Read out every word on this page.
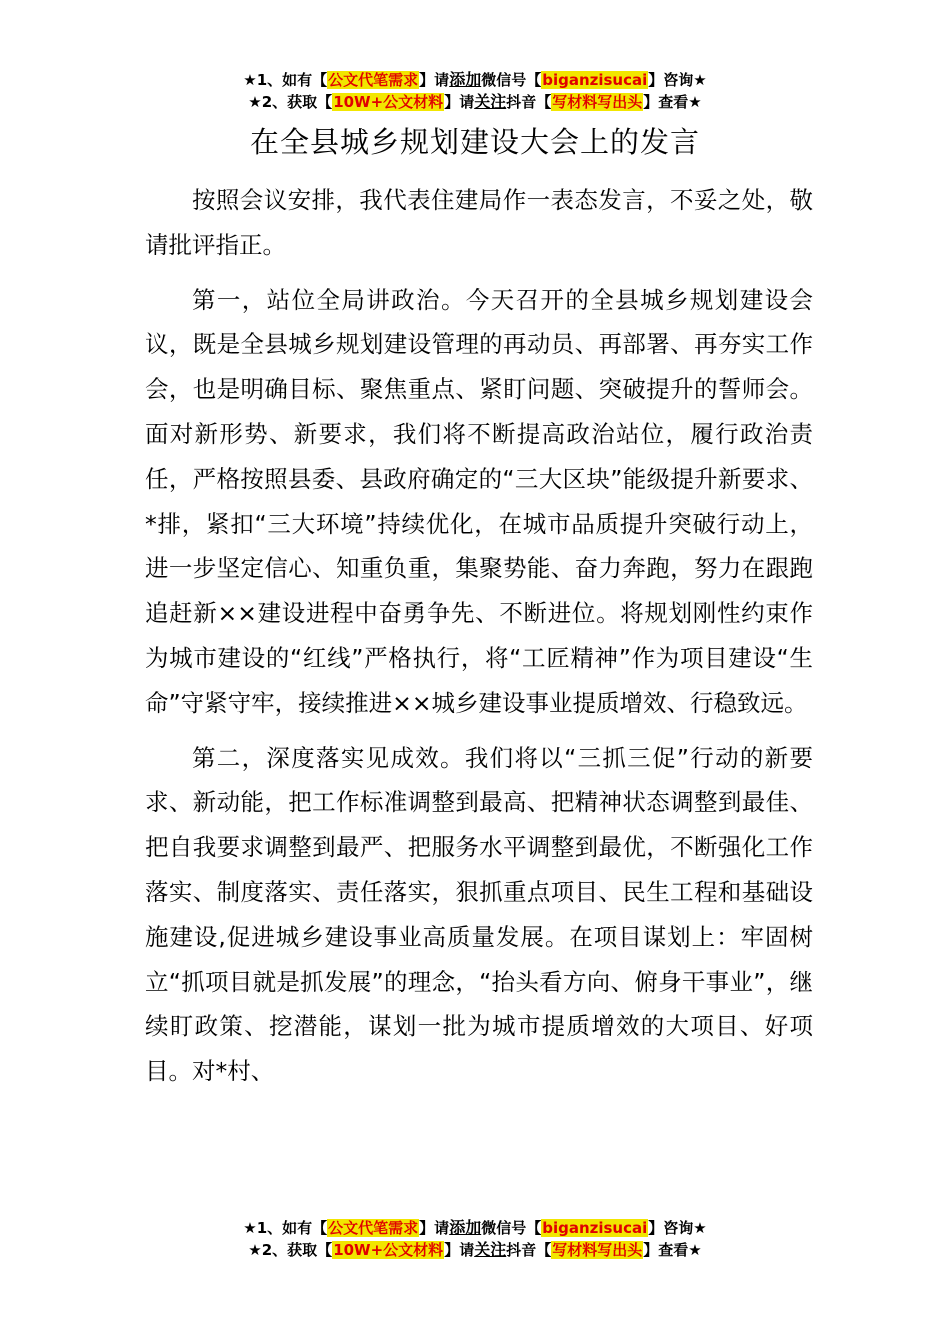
★1、如有【公文代笔需求】请添加微信号【biganzisucai】咨询★
★2、获取【10W+公文材料】请关注抖音【写材料写出头】查看★
在全县城乡规划建设大会上的发言

按照会议安排，我代表住建局作一表态发言，不妥之处，敬请批评指正。

第一，站位全局讲政治。今天召开的全县城乡规划建设会议，既是全县城乡规划建设管理的再动员、再部署、再夯实工作会，也是明确目标、聚焦重点、紧盯问题、突破提升的誓师会。面对新形势、新要求，我们将不断提高政治站位，履行政治责任，严格按照县委、县政府确定的“三大区块”能级提升新要求、*排，紧扣“三大环境”持续优化，在城市品质提升突破行动上，进一步坚定信心、知重负重，集聚势能、奋力奔跑，努力在跟跑追赶新××建设进程中奋勇争先、不断进位。将规划刚性约束作为城市建设的“红线”严格执行，将“工匠精神”作为项目建设“生命”守紧守牢，接续推进××城乡建设事业提质增效、行稳致远。

第二，深度落实见成效。我们将以“三抓三促”行动的新要求、新动能，把工作标准调整到最高、把精神状态调整到最佳、把自我要求调整到最严、把服务水平调整到最优，不断强化工作落实、制度落实、责任落实，狠抓重点项目、民生工程和基础设施建设,促进城乡建设事业高质量发展。在项目谋划上：牢固树立“抓项目就是抓发展”的理念，“抬头看方向、俯身干事业”，继续盯政策、挖潜能，谋划一批为城市提质增效的大项目、好项目。对*村、

★1、如有【公文代笔需求】请添加微信号【biganzisucai】咨询★
★2、获取【10W+公文材料】请关注抖音【写材料写出头】查看★
